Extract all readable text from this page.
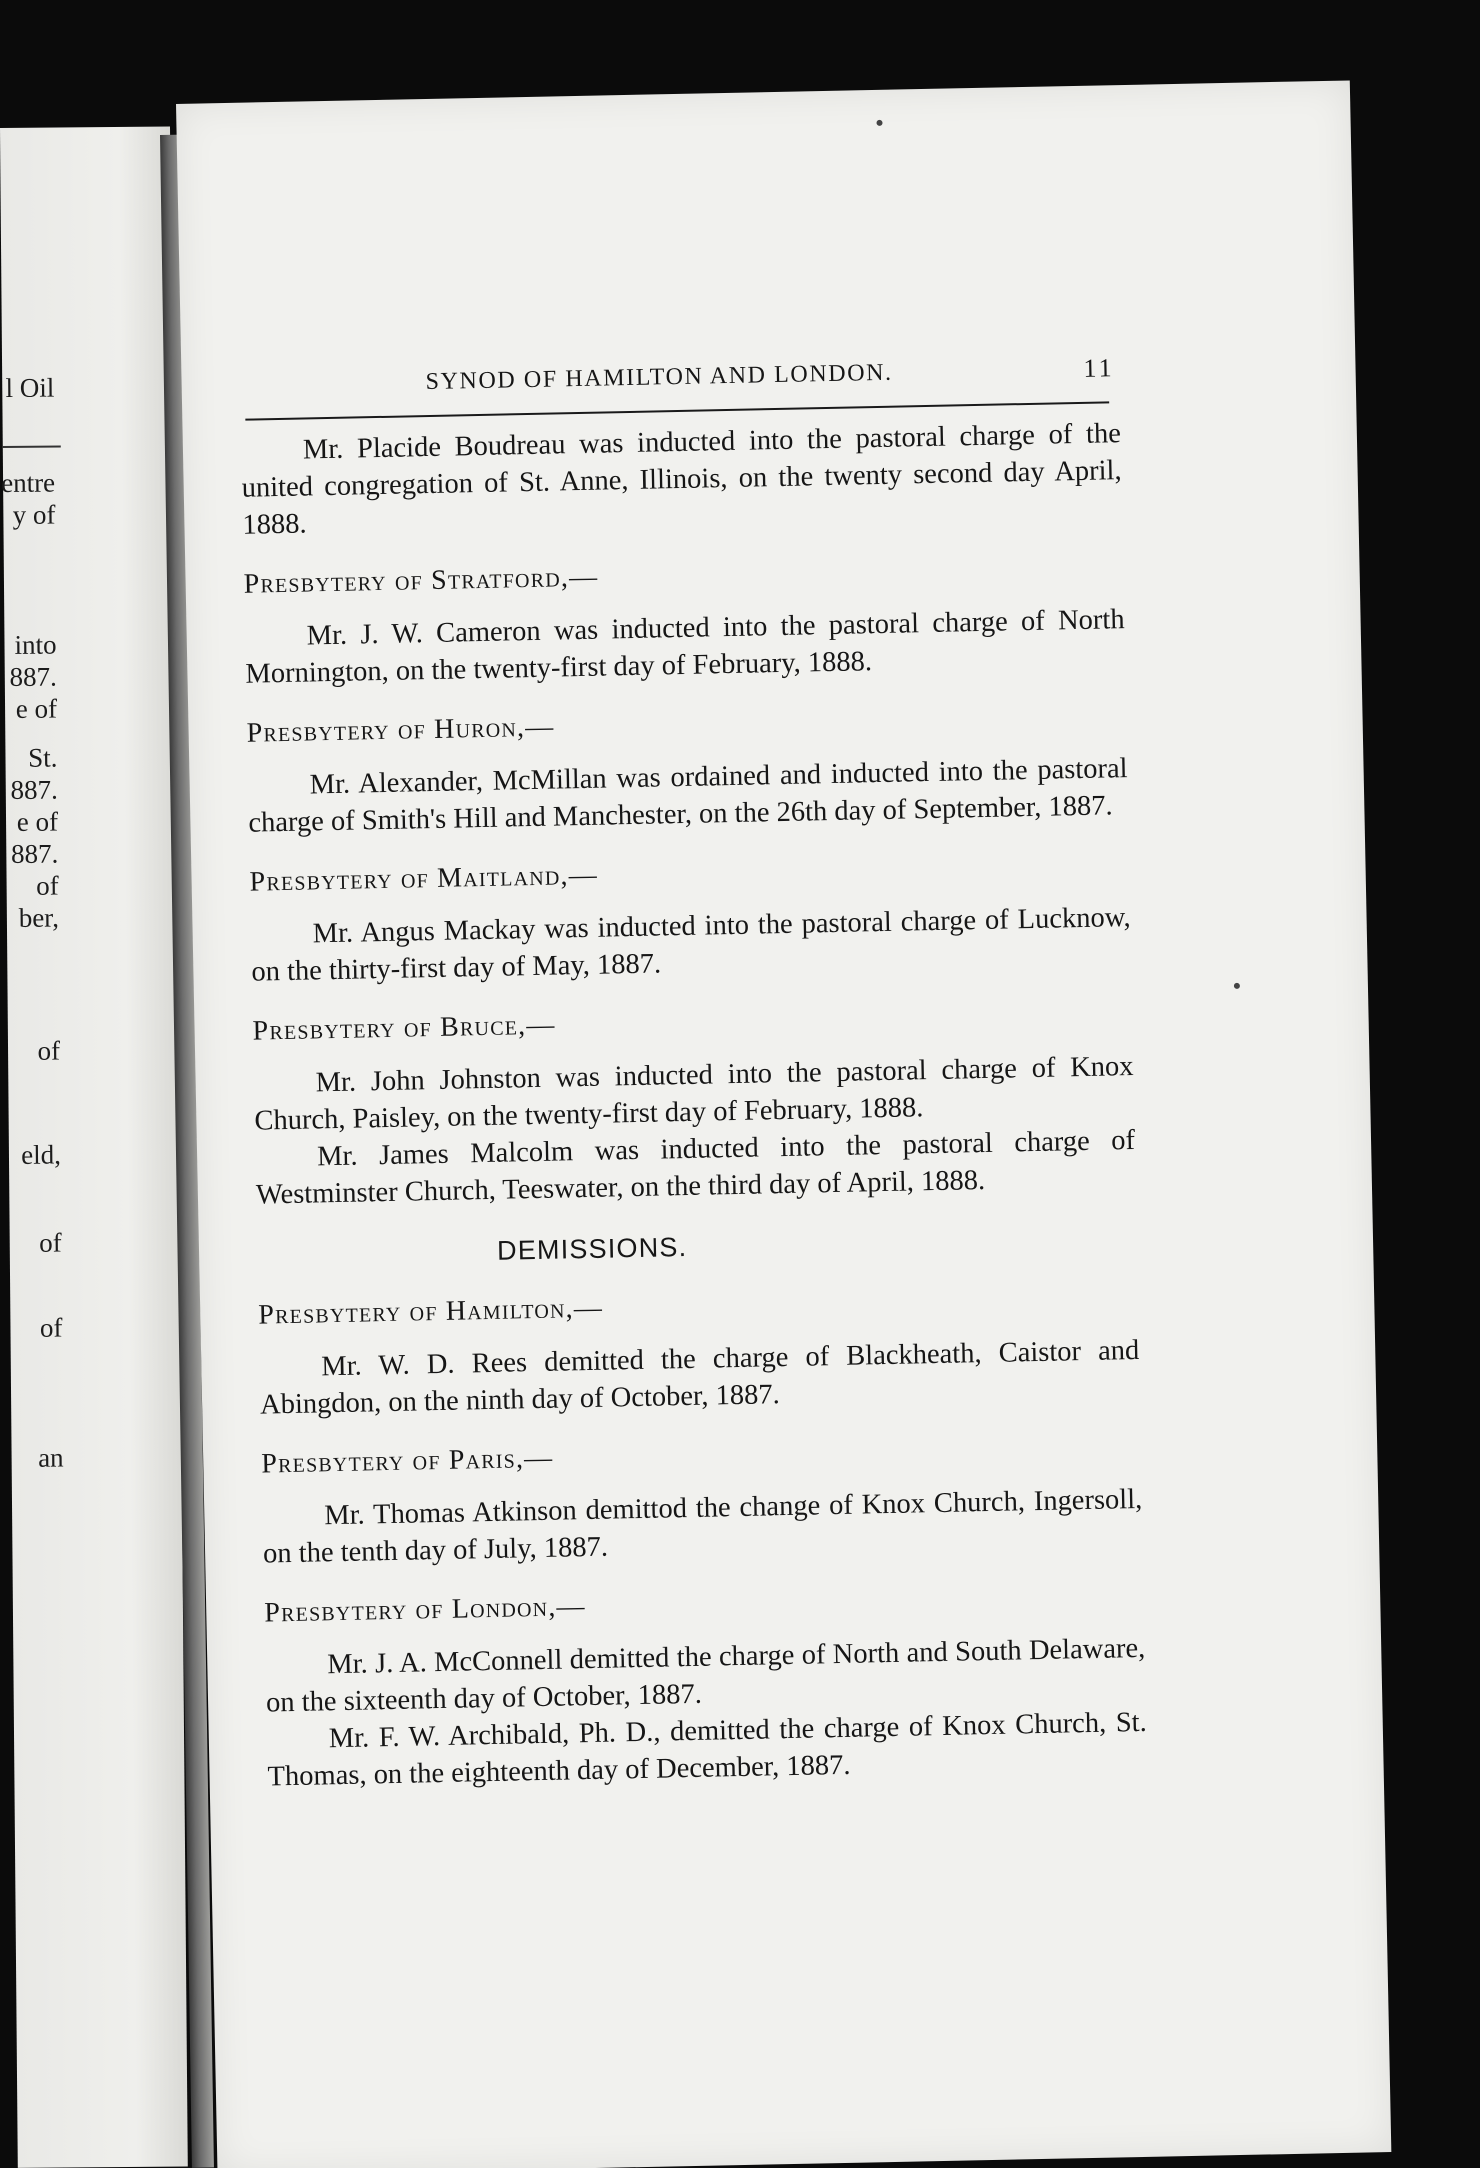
l Oil
entre
y of
into
887.
e of
St.
887.
e of
887.
of
ber,
of
eld,
of
of
an
SYNOD OF HAMILTON AND LONDON.	11

Mr. Placide Boudreau was inducted into the pastoral charge of the united congregation of St. Anne, Illinois, on the twenty second day April, 1888.

Presbytery of Stratford,—

Mr. J. W. Cameron was inducted into the pastoral charge of North Mornington, on the twenty-first day of February, 1888.

Presbytery of Huron,—

Mr. Alexander, McMillan was ordained and inducted into the pastoral charge of Smith's Hill and Manchester, on the 26th day of September, 1887.

Presbytery of Maitland,—

Mr. Angus Mackay was inducted into the pastoral charge of Lucknow, on the thirty-first day of May, 1887.

Presbytery of Bruce,—

Mr. John Johnston was inducted into the pastoral charge of Knox Church, Paisley, on the twenty-first day of February, 1888.

Mr. James Malcolm was inducted into the pastoral charge of Westminster Church, Teeswater, on the third day of April, 1888.

DEMISSIONS.
Presbytery of Hamilton,—

Mr. W. D. Rees demitted the charge of Blackheath, Caistor and Abingdon, on the ninth day of October, 1887.

Presbytery of Paris,—

Mr. Thomas Atkinson demittod the change of Knox Church, Ingersoll, on the tenth day of July, 1887.

Presbytery of London,—

Mr. J. A. McConnell demitted the charge of North and South Delaware, on the sixteenth day of October, 1887.

Mr. F. W. Archibald, Ph. D., demitted the charge of Knox Church, St. Thomas, on the eighteenth day of December, 1887.
